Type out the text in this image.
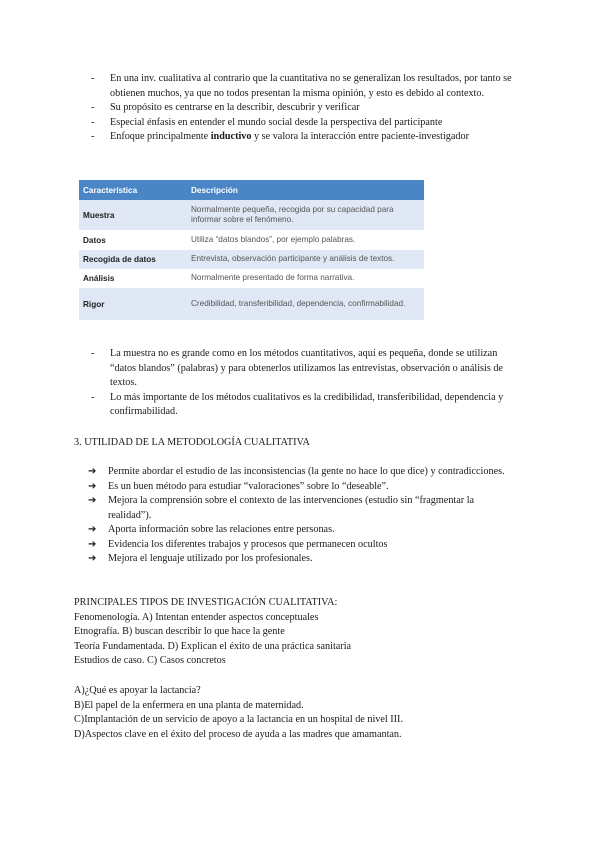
- En una inv. cualitativa al contrario que la cuantitativa no se generalizan los resultados, por tanto se obtienen muchos, ya que no todos presentan la misma opinión, y esto es debido al contexto.
- Su propósito es centrarse en la describir, descubrir y verificar
- Especial énfasis en entender el mundo social desde la perspectiva del participante
- Enfoque principalmente inductivo y se valora la interacción entre paciente-investigador
Característica	Descripción
Muestra	Normalmente pequeña, recogida por su capacidad para informar sobre el fenómeno.
Datos	Utiliza “datos blandos”, por ejemplo palabras.
Recogida de datos	Entrevista, observación participante y análisis de textos.
Análisis	Normalmente presentado de forma narrativa.
Rigor	Credibilidad, transferibilidad, dependencia, confirmabilidad.
- La muestra no es grande como en los métodos cuantitativos, aquí es pequeña, donde se utilizan “datos blandos” (palabras) y para obtenerlos utilizamos las entrevistas, observación o análisis de textos.
- Lo más importante de los métodos cualitativos es la credibilidad, transferibilidad, dependencia y confirmabilidad.
3. UTILIDAD DE LA METODOLOGÍA CUALITATIVA
➔ Permite abordar el estudio de las inconsistencias (la gente no hace lo que dice) y contradicciones.
➔ Es un buen método para estudiar “valoraciones” sobre lo “deseable”.
➔ Mejora la comprensión sobre el contexto de las intervenciones (estudio sin “fragmentar la realidad”).
➔ Aporta información sobre las relaciones entre personas.
➔ Evidencia los diferentes trabajos y procesos que permanecen ocultos
➔ Mejora el lenguaje utilizado por los profesionales.

PRINCIPALES TIPOS DE INVESTIGACIÓN CUALITATIVA:

Fenomenología. A) Intentan entender aspectos conceptuales

Etnografía. B) buscan describir lo que hace la gente

Teoría Fundamentada. D) Explican el éxito de una práctica sanitaria

Estudios de caso. C) Casos concretos

A)¿Qué es apoyar la lactancia?

B)El papel de la enfermera en una planta de maternidad.

C)Implantación de un servicio de apoyo a la lactancia en un hospital de nivel III.

D)Aspectos clave en el éxito del proceso de ayuda a las madres que amamantan.
